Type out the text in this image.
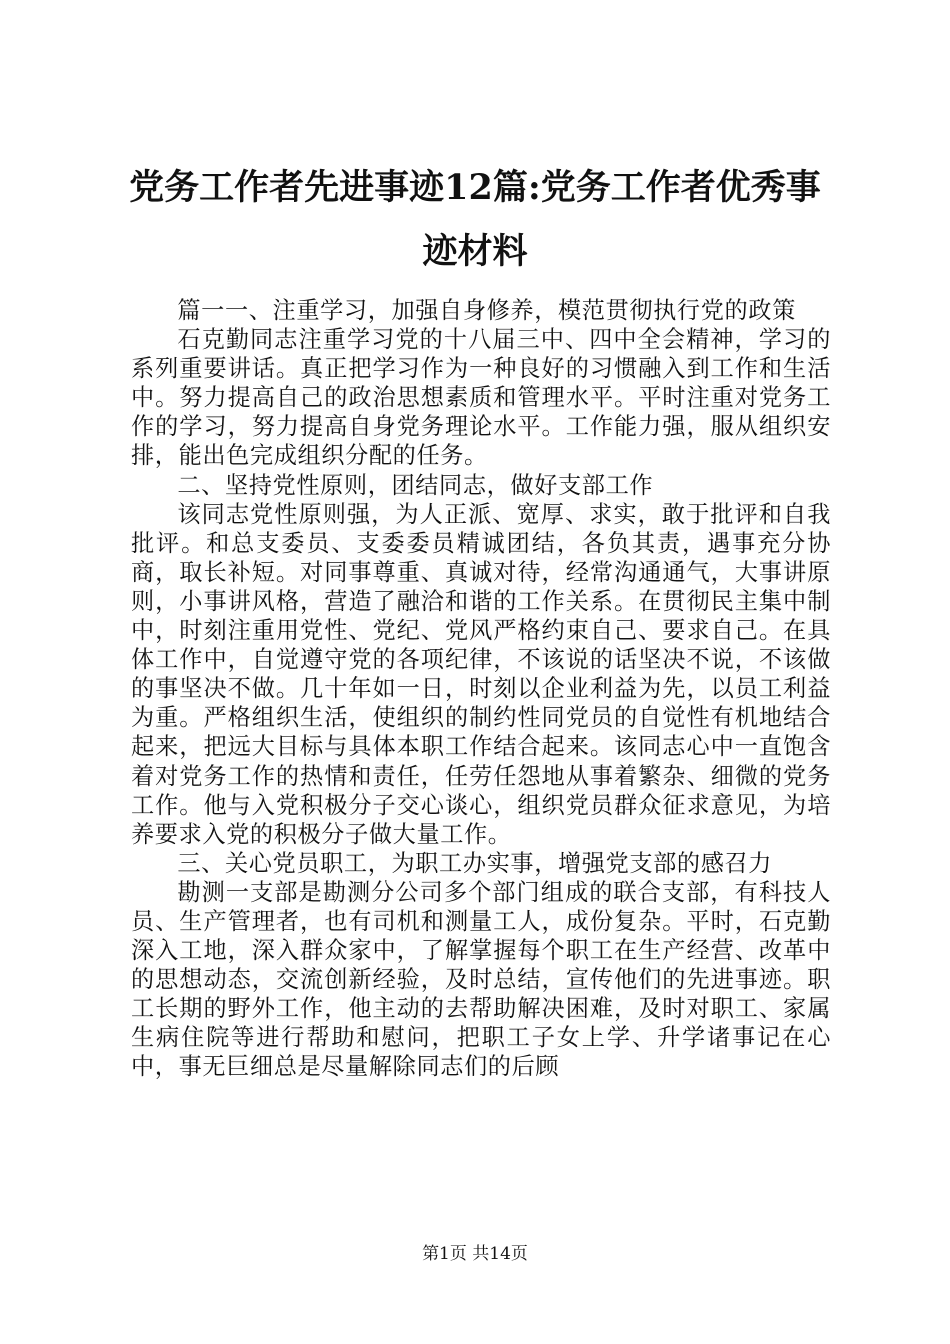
党务工作者先进事迹12篇:党务工作者优秀事迹材料

篇一一、注重学习，加强自身修养，模范贯彻执行党的政策

石克勤同志注重学习党的十八届三中、四中全会精神，学习的系列重要讲话。真正把学习作为一种良好的习惯融入到工作和生活中。努力提高自己的政治思想素质和管理水平。平时注重对党务工作的学习，努力提高自身党务理论水平。工作能力强，服从组织安排，能出色完成组织分配的任务。

二、坚持党性原则，团结同志，做好支部工作

该同志党性原则强，为人正派、宽厚、求实，敢于批评和自我批评。和总支委员、支委委员精诚团结，各负其责，遇事充分协商，取长补短。对同事尊重、真诚对待，经常沟通通气，大事讲原则，小事讲风格，营造了融洽和谐的工作关系。在贯彻民主集中制中，时刻注重用党性、党纪、党风严格约束自己、要求自己。在具体工作中，自觉遵守党的各项纪律，不该说的话坚决不说，不该做的事坚决不做。几十年如一日，时刻以企业利益为先，以员工利益为重。严格组织生活，使组织的制约性同党员的自觉性有机地结合起来，把远大目标与具体本职工作结合起来。该同志心中一直饱含着对党务工作的热情和责任，任劳任怨地从事着繁杂、细微的党务工作。他与入党积极分子交心谈心，组织党员群众征求意见，为培养要求入党的积极分子做大量工作。

三、关心党员职工，为职工办实事，增强党支部的感召力

勘测一支部是勘测分公司多个部门组成的联合支部，有科技人员、生产管理者，也有司机和测量工人，成份复杂。平时，石克勤深入工地，深入群众家中，了解掌握每个职工在生产经营、改革中的思想动态，交流创新经验，及时总结，宣传他们的先进事迹。职工长期的野外工作，他主动的去帮助解决困难，及时对职工、家属生病住院等进行帮助和慰问，把职工子女上学、升学诸事记在心中，事无巨细总是尽量解除同志们的后顾

第1页 共14页
